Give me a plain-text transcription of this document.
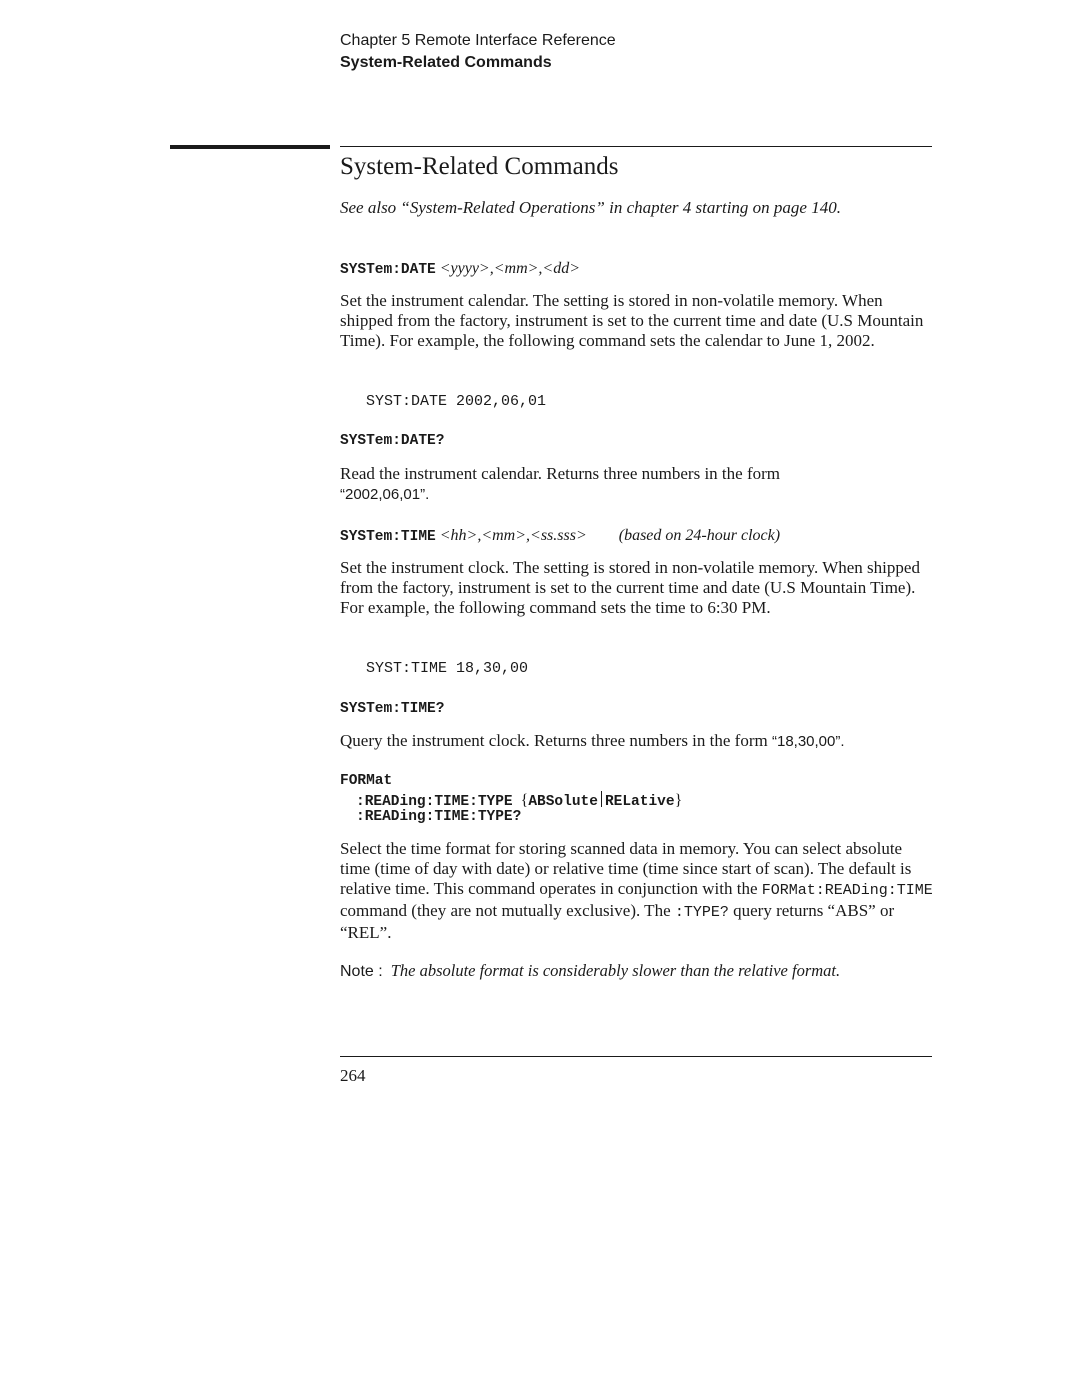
Chapter 5 Remote Interface Reference
System-Related Commands
System-Related Commands
See also “System-Related Operations” in chapter 4 starting on page 140.
SYSTem:DATE <yyyy>,<mm>,<dd>
Set the instrument calendar. The setting is stored in non-volatile memory. When shipped from the factory, instrument is set to the current time and date (U.S Mountain Time). For example, the following command sets the calendar to June 1, 2002.
SYST:DATE 2002,06,01
SYSTem:DATE?
Read the instrument calendar. Returns three numbers in the form
“2002,06,01”.
SYSTem:TIME <hh>,<mm>,<ss.sss> (based on 24-hour clock)
Set the instrument clock. The setting is stored in non-volatile memory. When shipped from the factory, instrument is set to the current time and date (U.S Mountain Time). For example, the following command sets the time to 6:30 PM.
SYST:TIME 18,30,00
SYSTem:TIME?
Query the instrument clock. Returns three numbers in the form “18,30,00”.
FORMat
:READing:TIME:TYPE {ABSolute RELative}
:READing:TIME:TYPE?
Select the time format for storing scanned data in memory. You can select absolute time (time of day with date) or relative time (time since start of scan). The default is relative time. This command operates in conjunction with the FORMat:READing:TIME command (they are not mutually exclusive). The :TYPE? query returns “ABS” or “REL”.
Note : The absolute format is considerably slower than the relative format.
264
